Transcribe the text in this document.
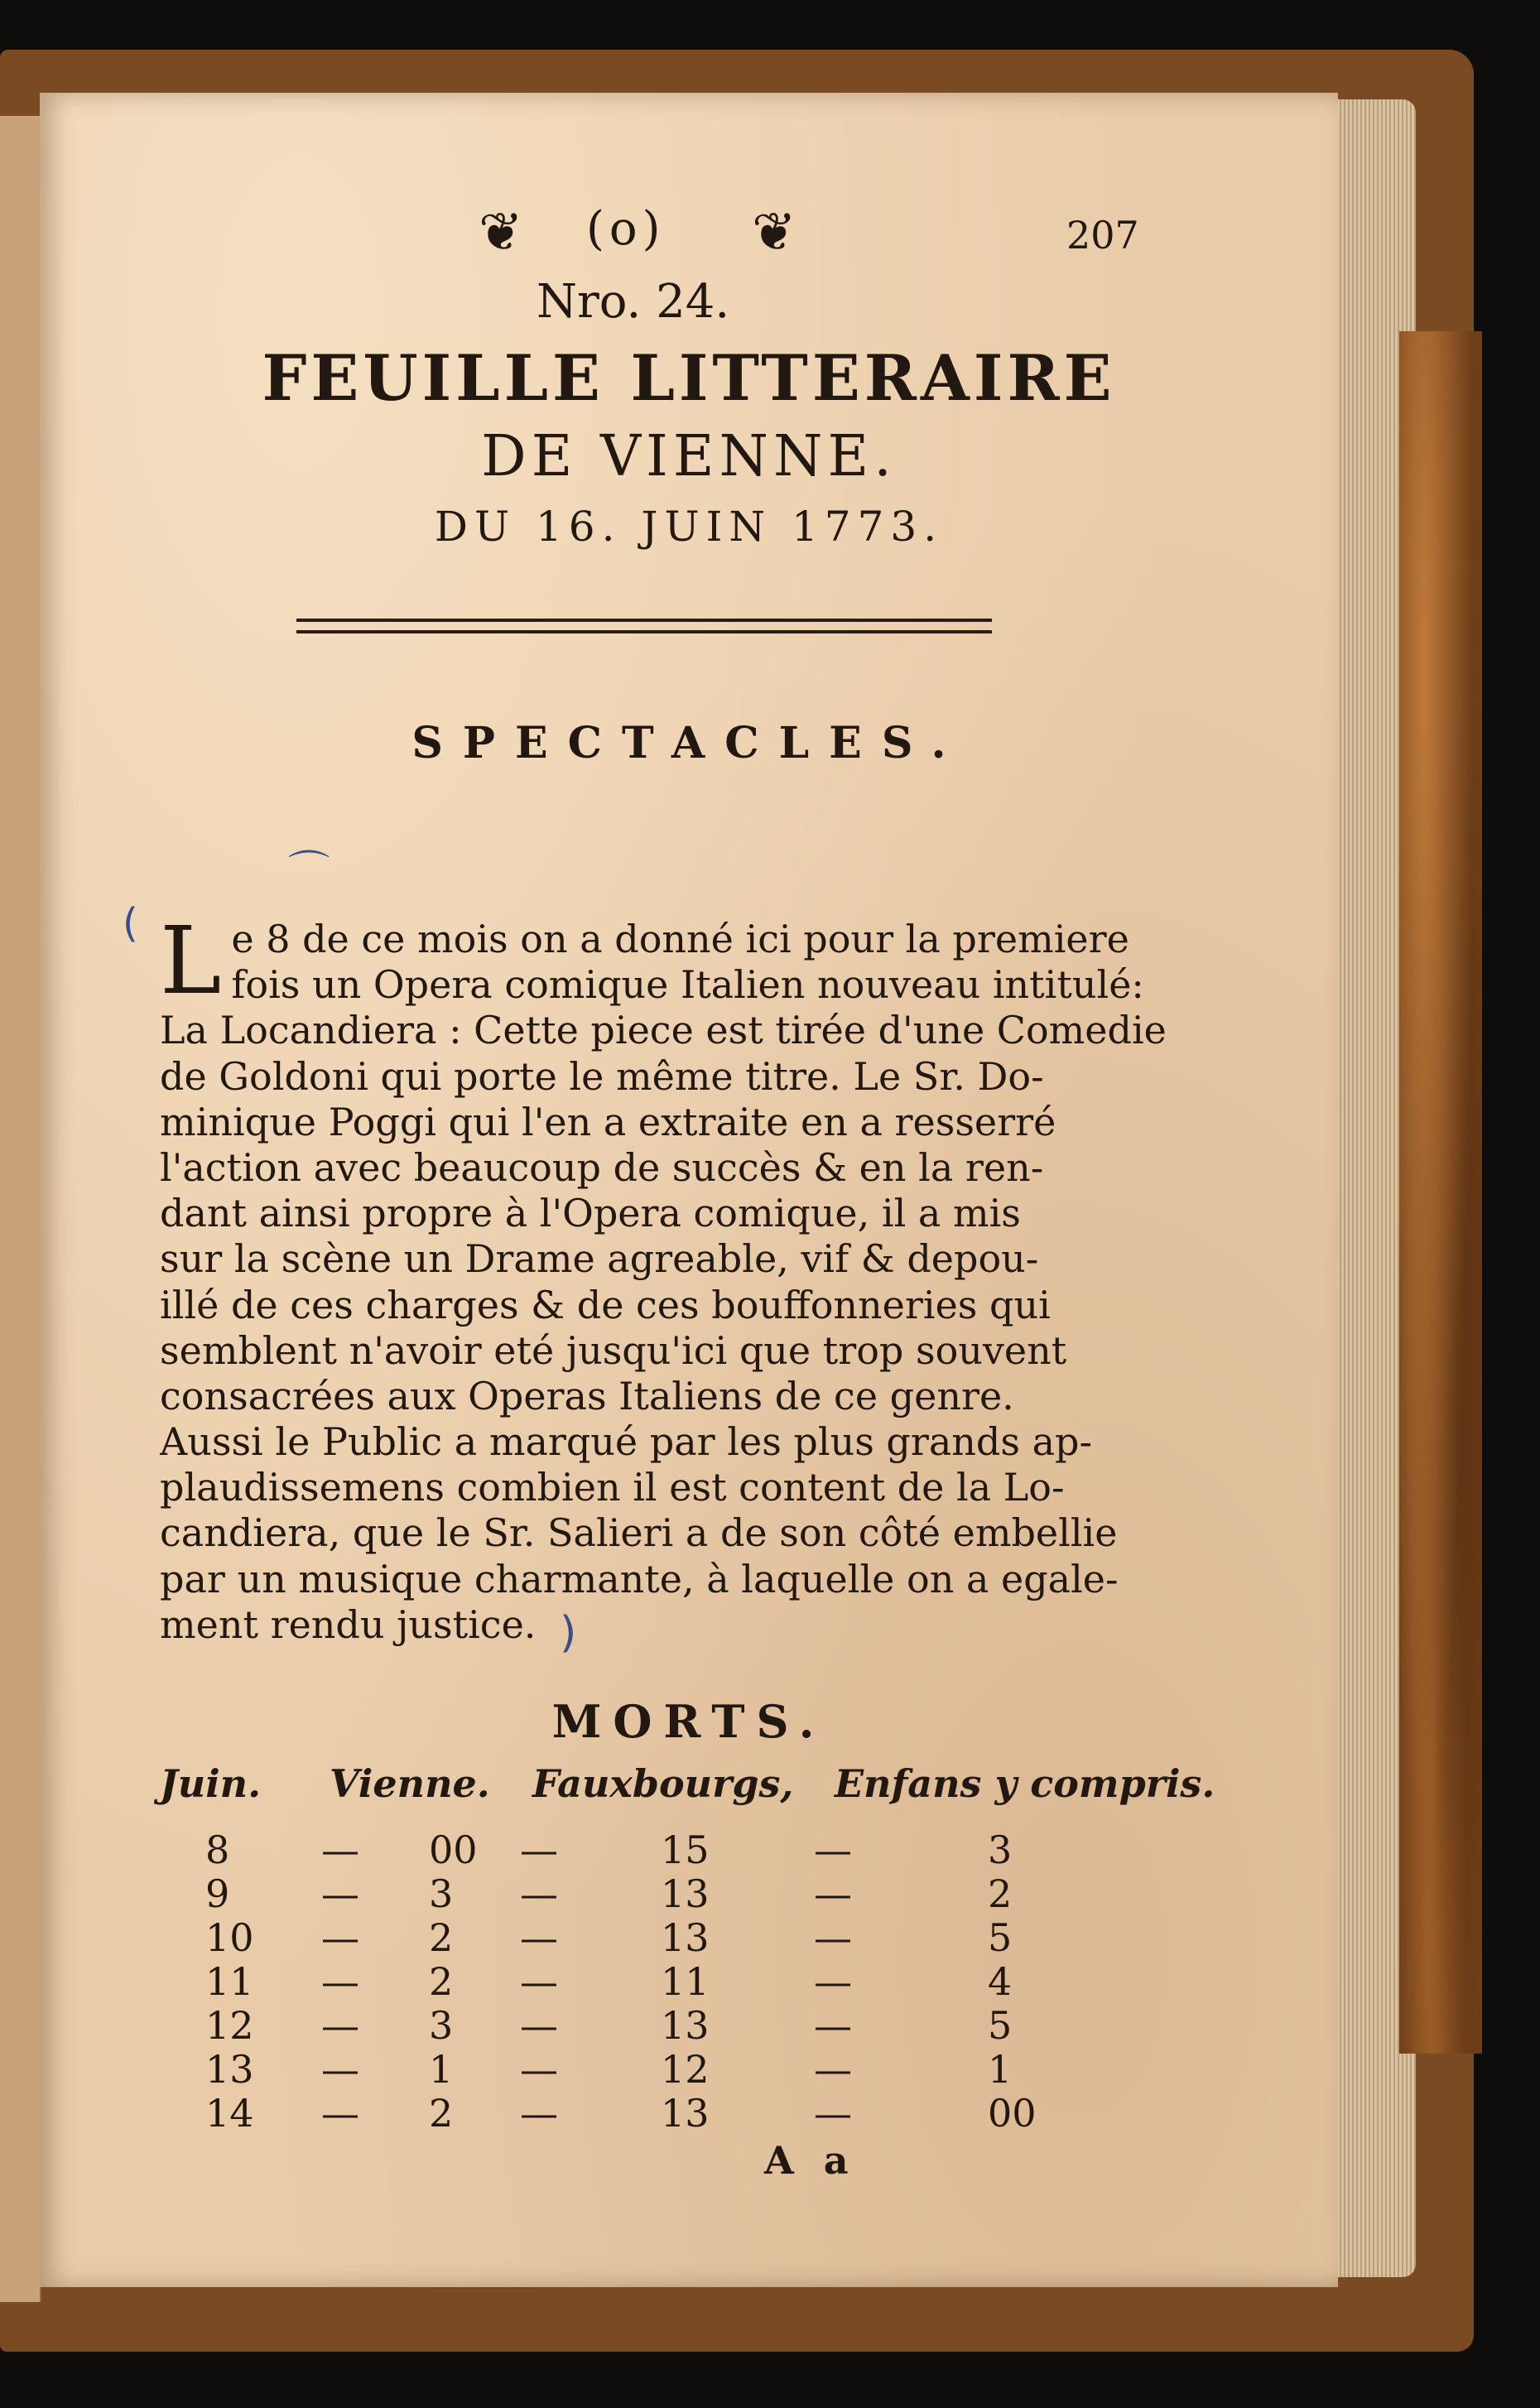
❦ (o) ❦	207
Nro. 24.
FEUILLE LITTERAIRE
DE VIENNE.
DU 16. JUIN 1773.
SPECTACLES.
⌒
(
)
L e 8 de ce mois on a donné ici pour la premiere
fois un Opera comique Italien nouveau intitulé:
La Locandiera : Cette piece est tirée d'une Comedie
de Goldoni qui porte le même titre. Le Sr. Do-
minique Poggi qui l'en a extraite en a resserré
l'action avec beaucoup de succès & en la ren-
dant ainsi propre à l'Opera comique, il a mis
sur la scène un Drame agreable, vif & depou-
illé de ces charges & de ces bouffonneries qui
semblent n'avoir eté jusqu'ici que trop souvent
consacrées aux Operas Italiens de ce genre.
Aussi le Public a marqué par les plus grands ap-
plaudissemens combien il est content de la Lo-
candiera, que le Sr. Salieri a de son côté embellie
par un musique charmante, à laquelle on a egale-
ment rendu justice.
MORTS.
Juin. Vienne. Fauxbourgs, Enfans y compris.
8 — 00 —	15	—	3
9 — 3 —	13	—	2
10 — 2 —	13	—	5
11 — 2 —	11	—	4
12 — 3 —	13	—	5
13 — 1 —	12	—	1
14 — 2 —	13	—	00
A a
